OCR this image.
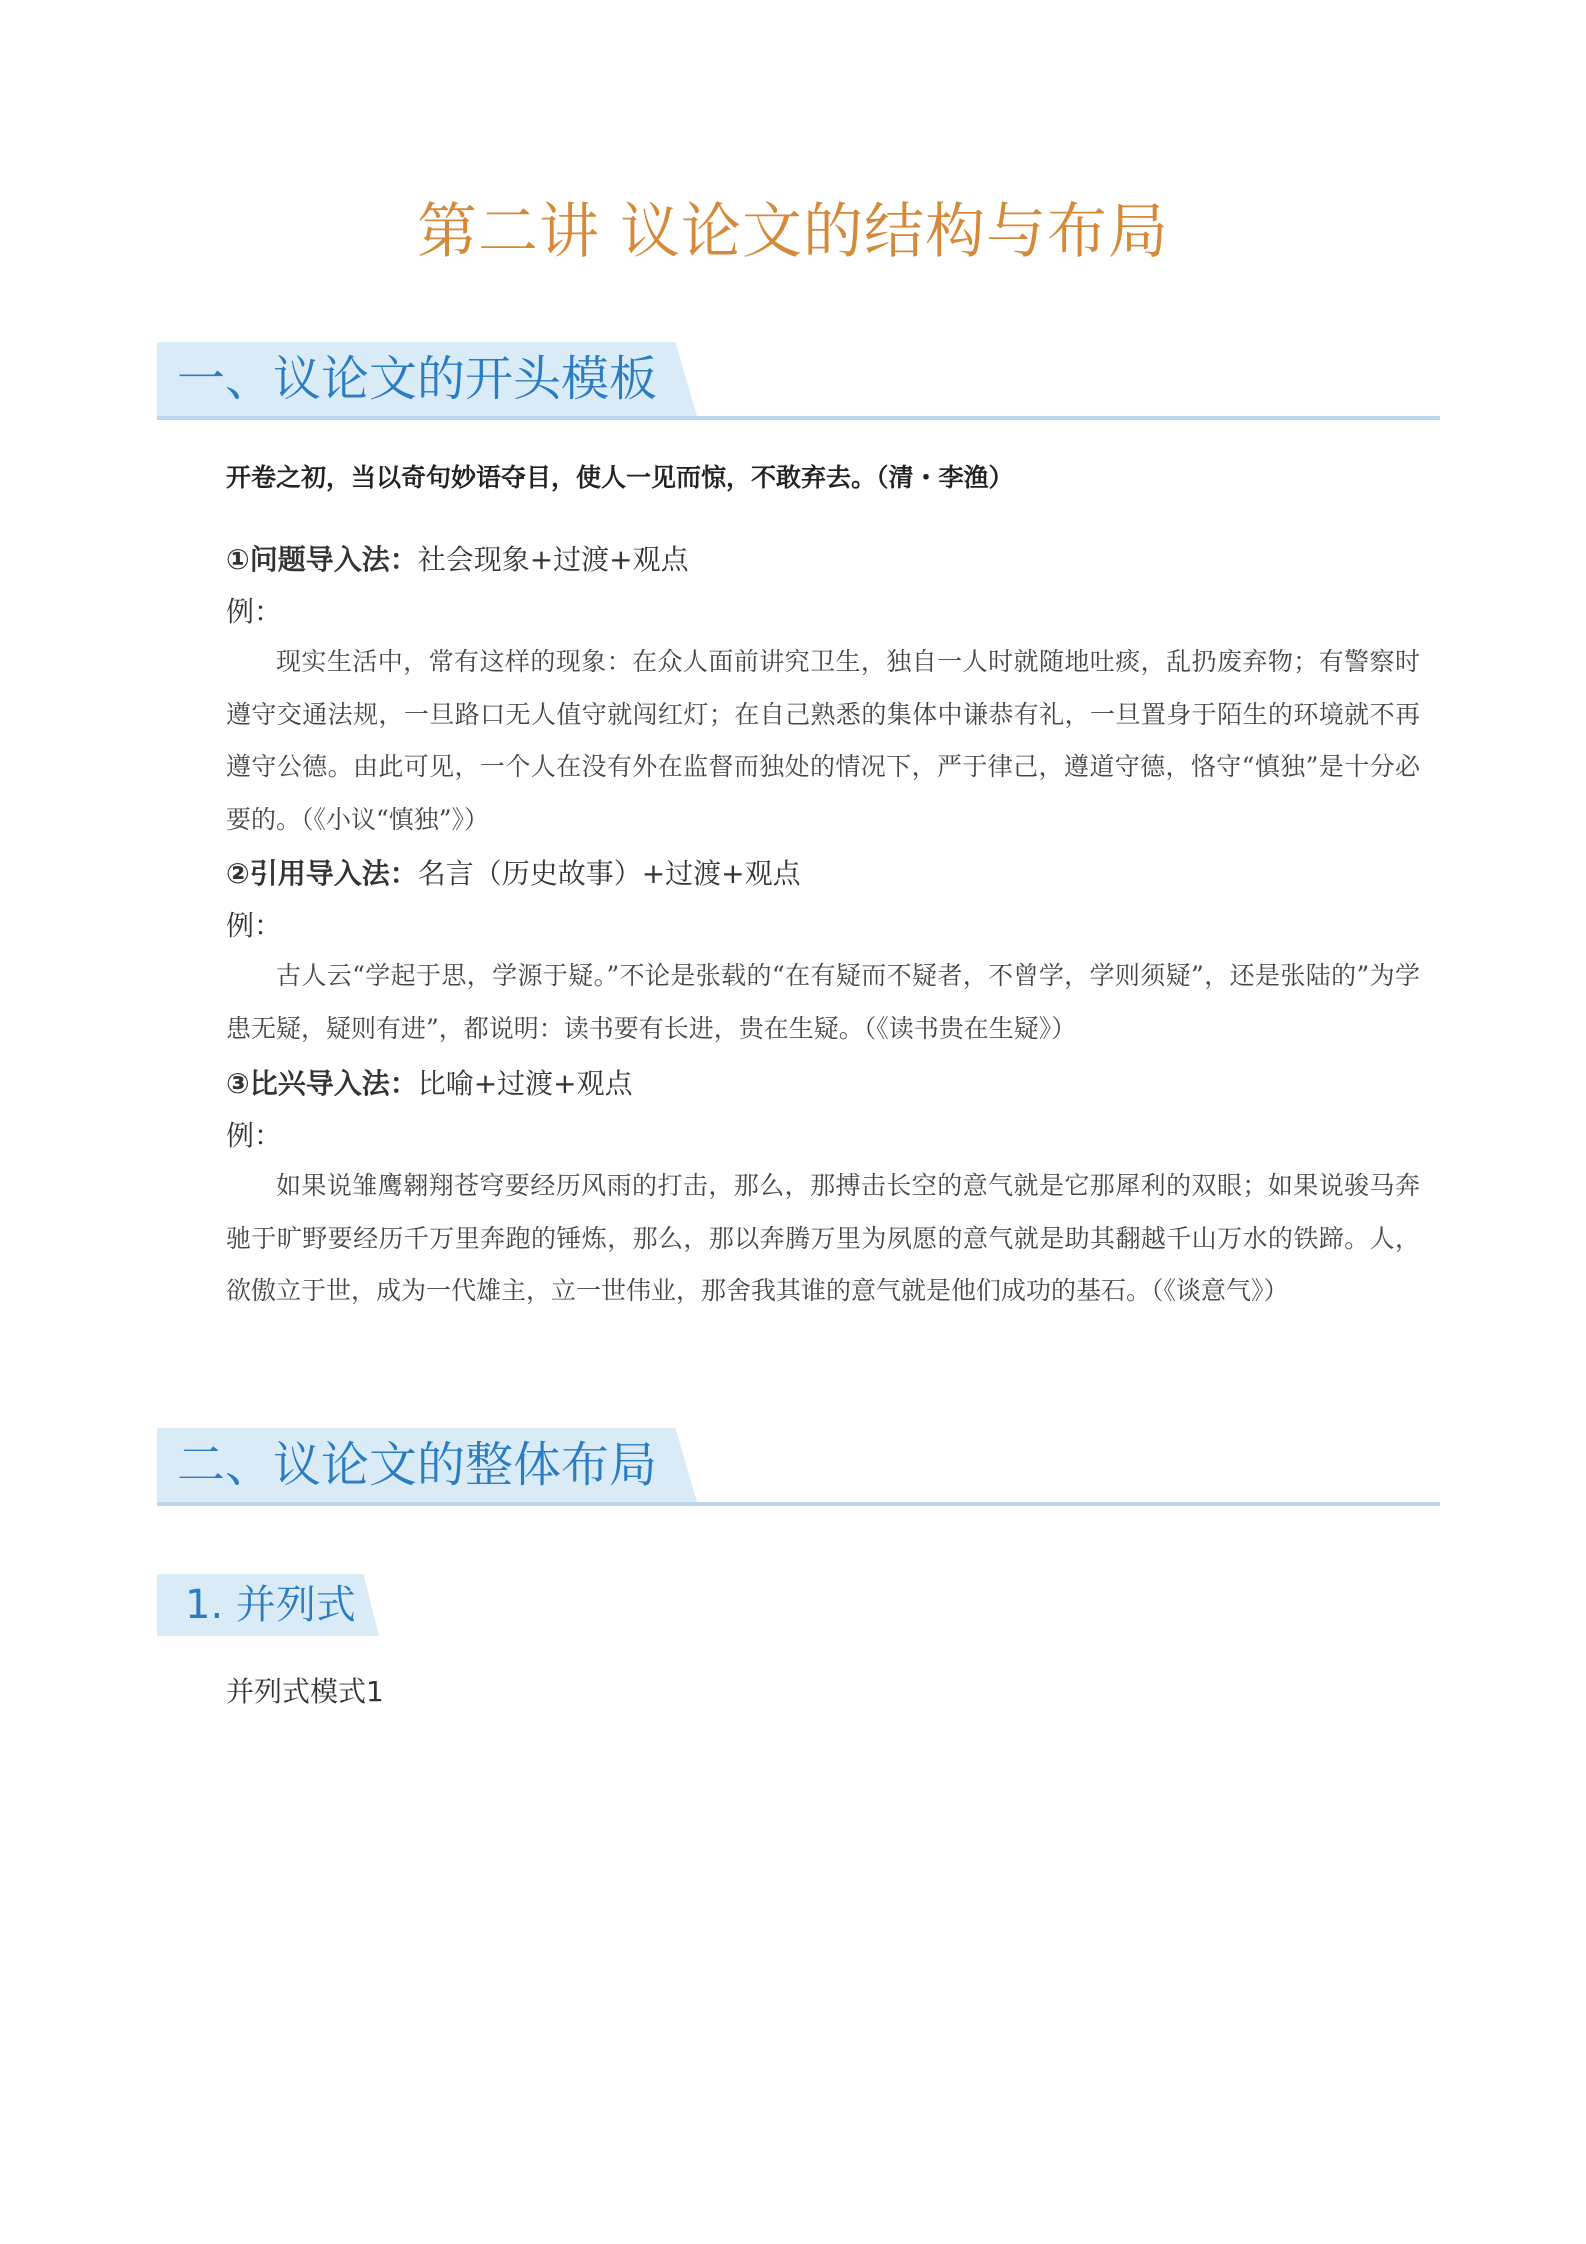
第二讲 议论文的结构与布局
一、议论文的开头模板
开卷之初，当以奇句妙语夺目，使人一见而惊，不敢弃去。（清・李渔）
①问题导入法：社会现象+过渡+观点
例：

现实生活中，常有这样的现象：在众人面前讲究卫生，独自一人时就随地吐痰，乱扔废弃物；有警察时遵守交通法规，一旦路口无人值守就闯红灯；在自己熟悉的集体中谦恭有礼，一旦置身于陌生的环境就不再遵守公德。由此可见，一个人在没有外在监督而独处的情况下，严于律己，遵道守德，恪守“慎独”是十分必要的。（《小议“慎独”》）

②引用导入法：名言（历史故事）+过渡+观点
例：

古人云“学起于思，学源于疑。”不论是张载的“在有疑而不疑者，不曾学，学则须疑”，还是张陆的”为学患无疑，疑则有进”，都说明：读书要有长进，贵在生疑。（《读书贵在生疑》）

③比兴导入法：比喻+过渡+观点
例：

如果说雏鹰翱翔苍穹要经历风雨的打击，那么，那搏击长空的意气就是它那犀利的双眼；如果说骏马奔驰于旷野要经历千万里奔跑的锤炼，那么，那以奔腾万里为夙愿的意气就是助其翻越千山万水的铁蹄。人，欲傲立于世，成为一代雄主，立一世伟业，那舍我其谁的意气就是他们成功的基石。（《谈意气》）

二、议论文的整体布局
1. 并列式
并列式模式1
